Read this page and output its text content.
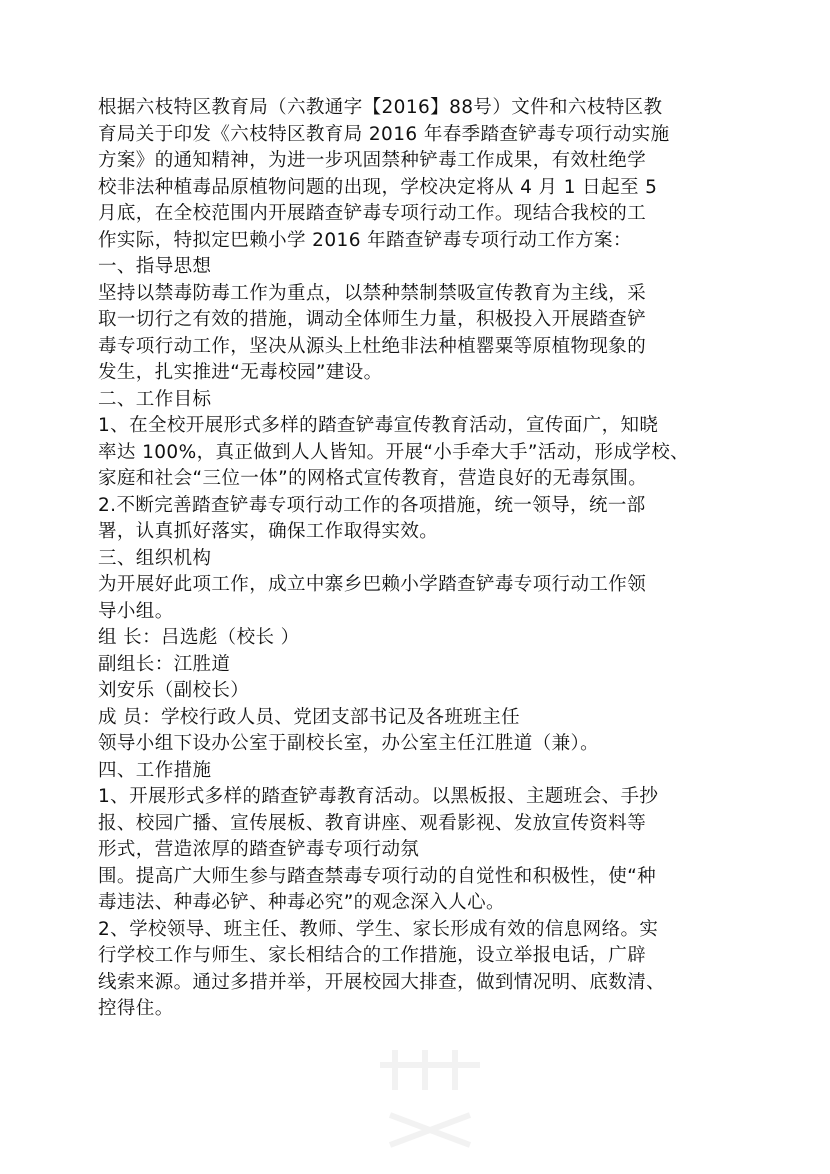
根据六枝特区教育局（六教通字【2016】88号）文件和六枝特区教
育局关于印发《六枝特区教育局 2016 年春季踏查铲毒专项行动实施
方案》的通知精神，为进一步巩固禁种铲毒工作成果，有效杜绝学
校非法种植毒品原植物问题的出现，学校决定将从 4 月 1 日起至 5
月底，在全校范围内开展踏查铲毒专项行动工作。现结合我校的工
作实际，特拟定巴赖小学 2016 年踏查铲毒专项行动工作方案：
一、指导思想
坚持以禁毒防毒工作为重点，以禁种禁制禁吸宣传教育为主线，采
取一切行之有效的措施，调动全体师生力量，积极投入开展踏查铲
毒专项行动工作，坚决从源头上杜绝非法种植罂粟等原植物现象的
发生，扎实推进“无毒校园”建设。
二、工作目标
1、在全校开展形式多样的踏查铲毒宣传教育活动，宣传面广，知晓
率达 100%，真正做到人人皆知。开展“小手牵大手”活动，形成学校、
家庭和社会“三位一体”的网格式宣传教育，营造良好的无毒氛围。
2.不断完善踏查铲毒专项行动工作的各项措施，统一领导，统一部
署，认真抓好落实，确保工作取得实效。
三、组织机构
为开展好此项工作，成立中寨乡巴赖小学踏查铲毒专项行动工作领
导小组。
组 长：吕选彪（校长 ）
副组长：江胜道
刘安乐（副校长）
成 员：学校行政人员、党团支部书记及各班班主任
领导小组下设办公室于副校长室，办公室主任江胜道（兼）。
四、工作措施
1、开展形式多样的踏查铲毒教育活动。以黑板报、主题班会、手抄
报、校园广播、宣传展板、教育讲座、观看影视、发放宣传资料等
形式，营造浓厚的踏查铲毒专项行动氛
围。提高广大师生参与踏查禁毒专项行动的自觉性和积极性，使“种
毒违法、种毒必铲、种毒必究”的观念深入人心。
2、学校领导、班主任、教师、学生、家长形成有效的信息网络。实
行学校工作与师生、家长相结合的工作措施，设立举报电话，广辟
线索来源。通过多措并举，开展校园大排查，做到情况明、底数清、
控得住。
